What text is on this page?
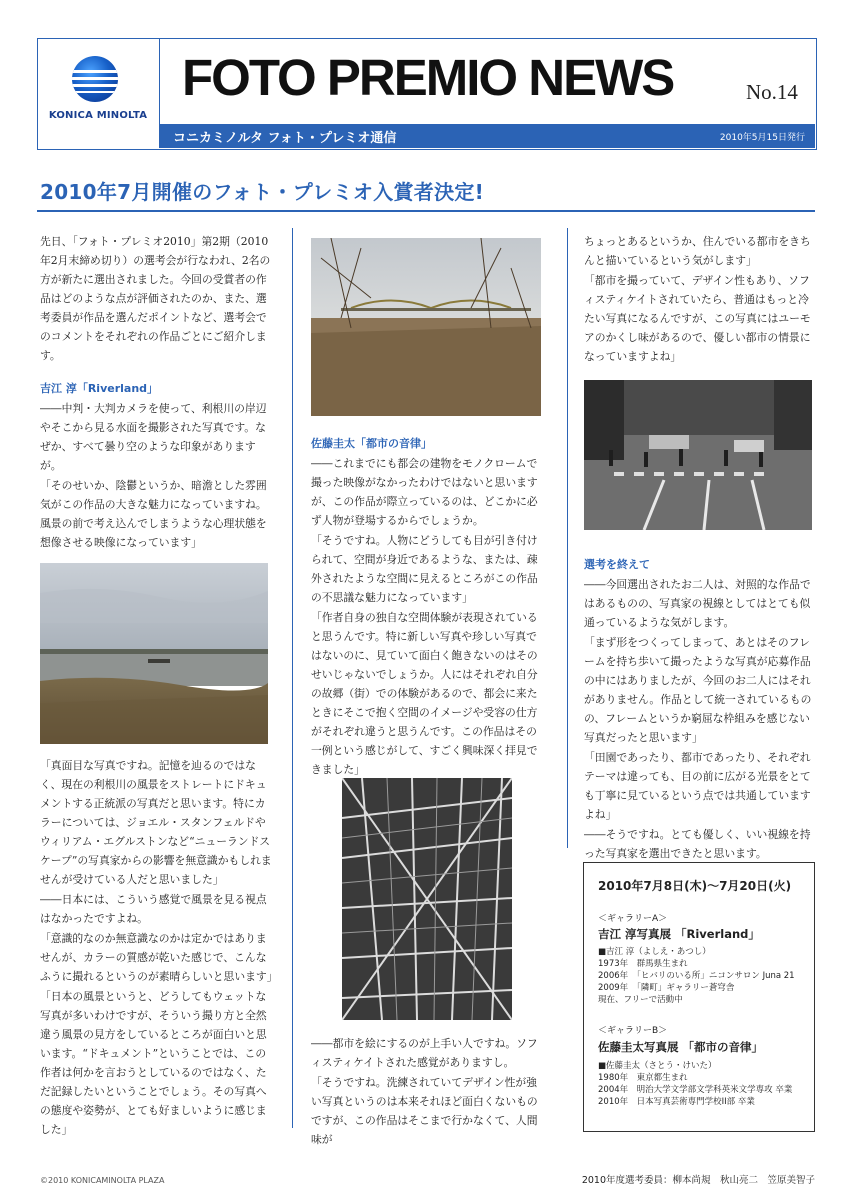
KONICA MINOLTA
FOTO PREMIO NEWS	No.14
コニカミノルタ フォト・プレミオ通信	2010年5月15日発行
2010年7月開催のフォト・プレミオ入賞者決定!

先日、「フォト・プレミオ2010」第2期（2010年2月末締め切り）の選考会が行なわれ、2名の方が新たに選出されました。今回の受賞者の作品はどのような点が評価されたのか、また、選考委員が作品を選んだポイントなど、選考会でのコメントをそれぞれの作品ごとにご紹介します。

吉江 淳「Riverland」

――中判・大判カメラを使って、利根川の岸辺やそこから見る水面を撮影された写真です。なぜか、すべて曇り空のような印象がありますが。

「そのせいか、陰鬱というか、暗澹とした雰囲気がこの作品の大きな魅力になっていますね。風景の前で考え込んでしまうような心理状態を想像させる映像になっています」

「真面目な写真ですね。記憶を辿るのではなく、現在の利根川の風景をストレートにドキュメントする正統派の写真だと思います。特にカラーについては、ジョエル・スタンフェルドやウィリアム・エグルストンなど“ニューランドスケープ”の写真家からの影響を無意識かもしれませんが受けている人だと思いました」

――日本には、こういう感覚で風景を見る視点はなかったですよね。

「意識的なのか無意識なのかは定かではありませんが、カラーの質感が乾いた感じで、こんなふうに撮れるというのが素晴らしいと思います」

「日本の風景というと、どうしてもウェットな写真が多いわけですが、そういう撮り方と全然違う風景の見方をしているところが面白いと思います。“ドキュメント”ということでは、この作者は何かを言おうとしているのではなく、ただ記録したいということでしょう。その写真への態度や姿勢が、とても好ましいように感じました」

佐藤圭太「都市の音律」

――これまでにも都会の建物をモノクロームで撮った映像がなかったわけではないと思いますが、この作品が際立っているのは、どこかに必ず人物が登場するからでしょうか。

「そうですね。人物にどうしても目が引き付けられて、空間が身近であるような、または、疎外されたような空間に見えるところがこの作品の不思議な魅力になっています」

「作者自身の独自な空間体験が表現されていると思うんです。特に新しい写真や珍しい写真ではないのに、見ていて面白く飽きないのはそのせいじゃないでしょうか。人にはそれぞれ自分の故郷（街）での体験があるので、都会に来たときにそこで抱く空間のイメージや受容の仕方がそれぞれ違うと思うんです。この作品はその一例という感じがして、すごく興味深く拝見できました」

――都市を絵にするのが上手い人ですね。ソフィスティケイトされた感覚がありますし。

「そうですね。洗練されていてデザイン性が強い写真というのは本来それほど面白くないものですが、この作品はそこまで行かなくて、人間味が

ちょっとあるというか、住んでいる都市をきちんと描いているという気がします」

「都市を撮っていて、デザイン性もあり、ソフィスティケイトされていたら、普通はもっと冷たい写真になるんですが、この写真にはユーモアのかくし味があるので、優しい都市の情景になっていますよね」

選考を終えて

――今回選出されたお二人は、対照的な作品ではあるものの、写真家の視線としてはとても似通っているような気がします。

「まず形をつくってしまって、あとはそのフレームを持ち歩いて撮ったような写真が応募作品の中にはありましたが、今回のお二人にはそれがありません。作品として統一されているものの、フレームというか窮屈な枠組みを感じない写真だったと思います」

「田園であったり、都市であったり、それぞれテーマは違っても、目の前に広がる光景をとても丁寧に見ているという点では共通していますよね」

――そうですね。とても優しく、いい視線を持った写真家を選出できたと思います。

2010年7月8日(木)～7月20日(火)
＜ギャラリーA＞
吉江 淳写真展 「Riverland」
■吉江 淳（よしえ・あつし）
1973年　群馬県生まれ
2006年　「ヒバリのいる所」ニコンサロン Juna 21
2009年　「隣町」ギャラリー蒼穹舎
現在、フリーで活動中
＜ギャラリーB＞
佐藤圭太写真展 「都市の音律」
■佐藤圭太（さとう・けいた）
1980年　東京都生まれ
2004年　明治大学文学部文学科英米文学専攻 卒業
2010年　日本写真芸術専門学校II部 卒業
©2010 KONICAMINOLTA PLAZA	2010年度選考委員：柳本尚規　秋山亮二　笠原美智子
